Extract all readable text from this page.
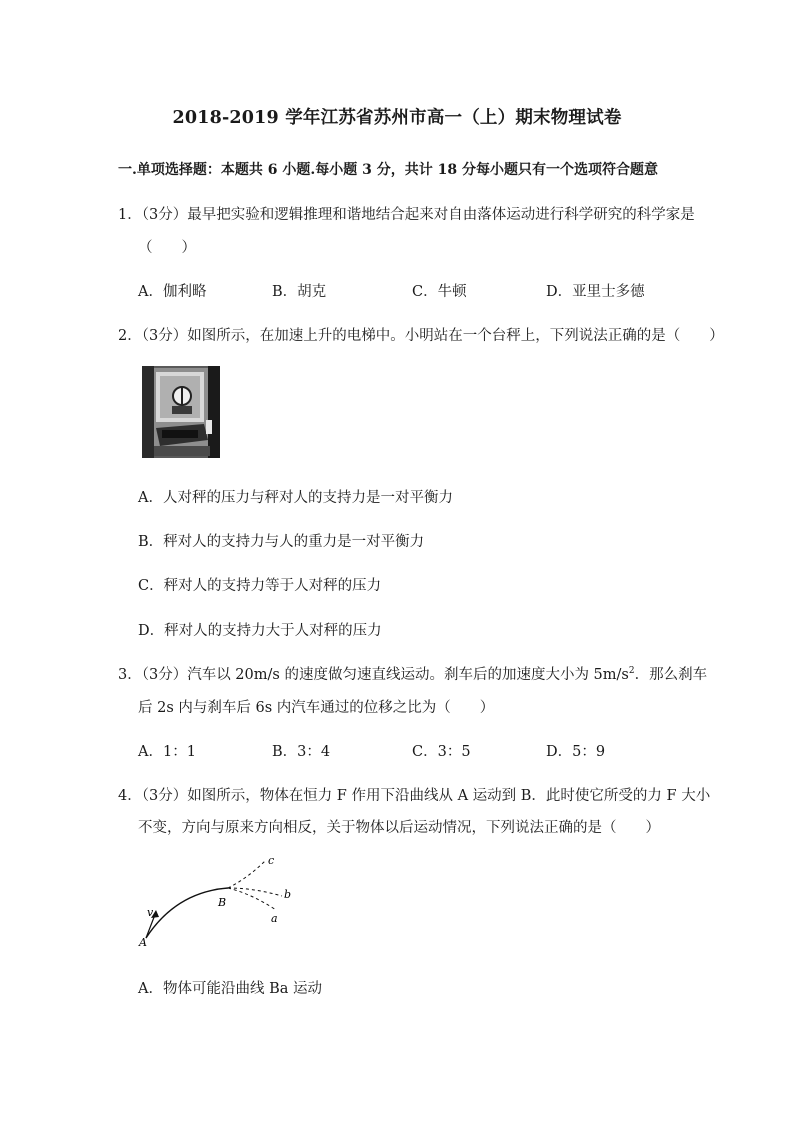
2018-2019 学年江苏省苏州市高一（上）期末物理试卷
一.单项选择题：本题共 6 小题.每小题 3 分，共计 18 分每小题只有一个选项符合题意
1．（3分）最早把实验和逻辑推理和谐地结合起来对自由落体运动进行科学研究的科学家是
（　　）
A．伽利略	B．胡克	C．牛顿	D．亚里士多德
2．（3分）如图所示，在加速上升的电梯中。小明站在一个台秤上，下列说法正确的是（　　）
A．人对秤的压力与秤对人的支持力是一对平衡力
B．秤对人的支持力与人的重力是一对平衡力
C．秤对人的支持力等于人对秤的压力
D．秤对人的支持力大于人对秤的压力
3．（3分）汽车以 20m/s 的速度做匀速直线运动。刹车后的加速度大小为 $5m/s^2$．那么刹车
后 2s 内与刹车后 6s 内汽车通过的位移之比为（　　）
A．1：1	B．3：4	C．3：5	D．5：9
4．（3分）如图所示，物体在恒力 F 作用下沿曲线从 A 运动到 B．此时使它所受的力 F 大小
不变，方向与原来方向相反，关于物体以后运动情况，下列说法正确的是（　　）
v
A
B
c
b
a
A．物体可能沿曲线 Ba 运动
